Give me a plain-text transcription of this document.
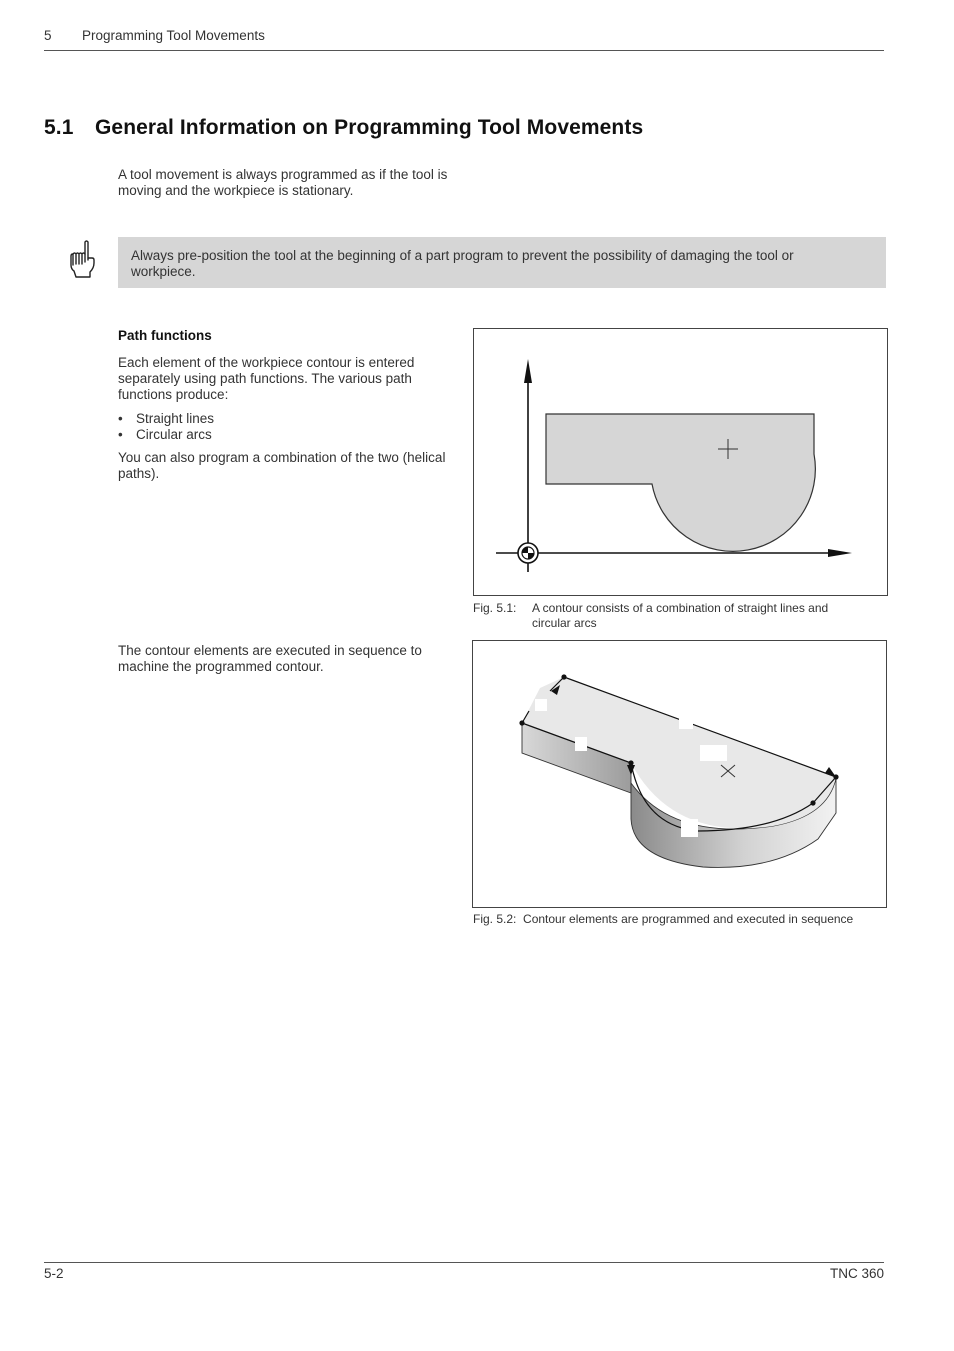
5 Programming Tool Movements
5.1 General Information on Programming Tool Movements
A tool movement is always programmed as if the tool is moving and the workpiece is stationary.
Always pre-position the tool at the beginning of a part program to prevent the possibility of damaging the tool or workpiece.
Path functions
Each element of the workpiece contour is entered separately using path functions. The various path functions produce:
• Straight lines
• Circular arcs
You can also program a combination of the two (helical paths).
Fig. 5.1: A contour consists of a combination of straight lines and circular arcs
The contour elements are executed in sequence to machine the programmed contour.
Fig. 5.2: Contour elements are programmed and executed in sequence
5-2	TNC 360
